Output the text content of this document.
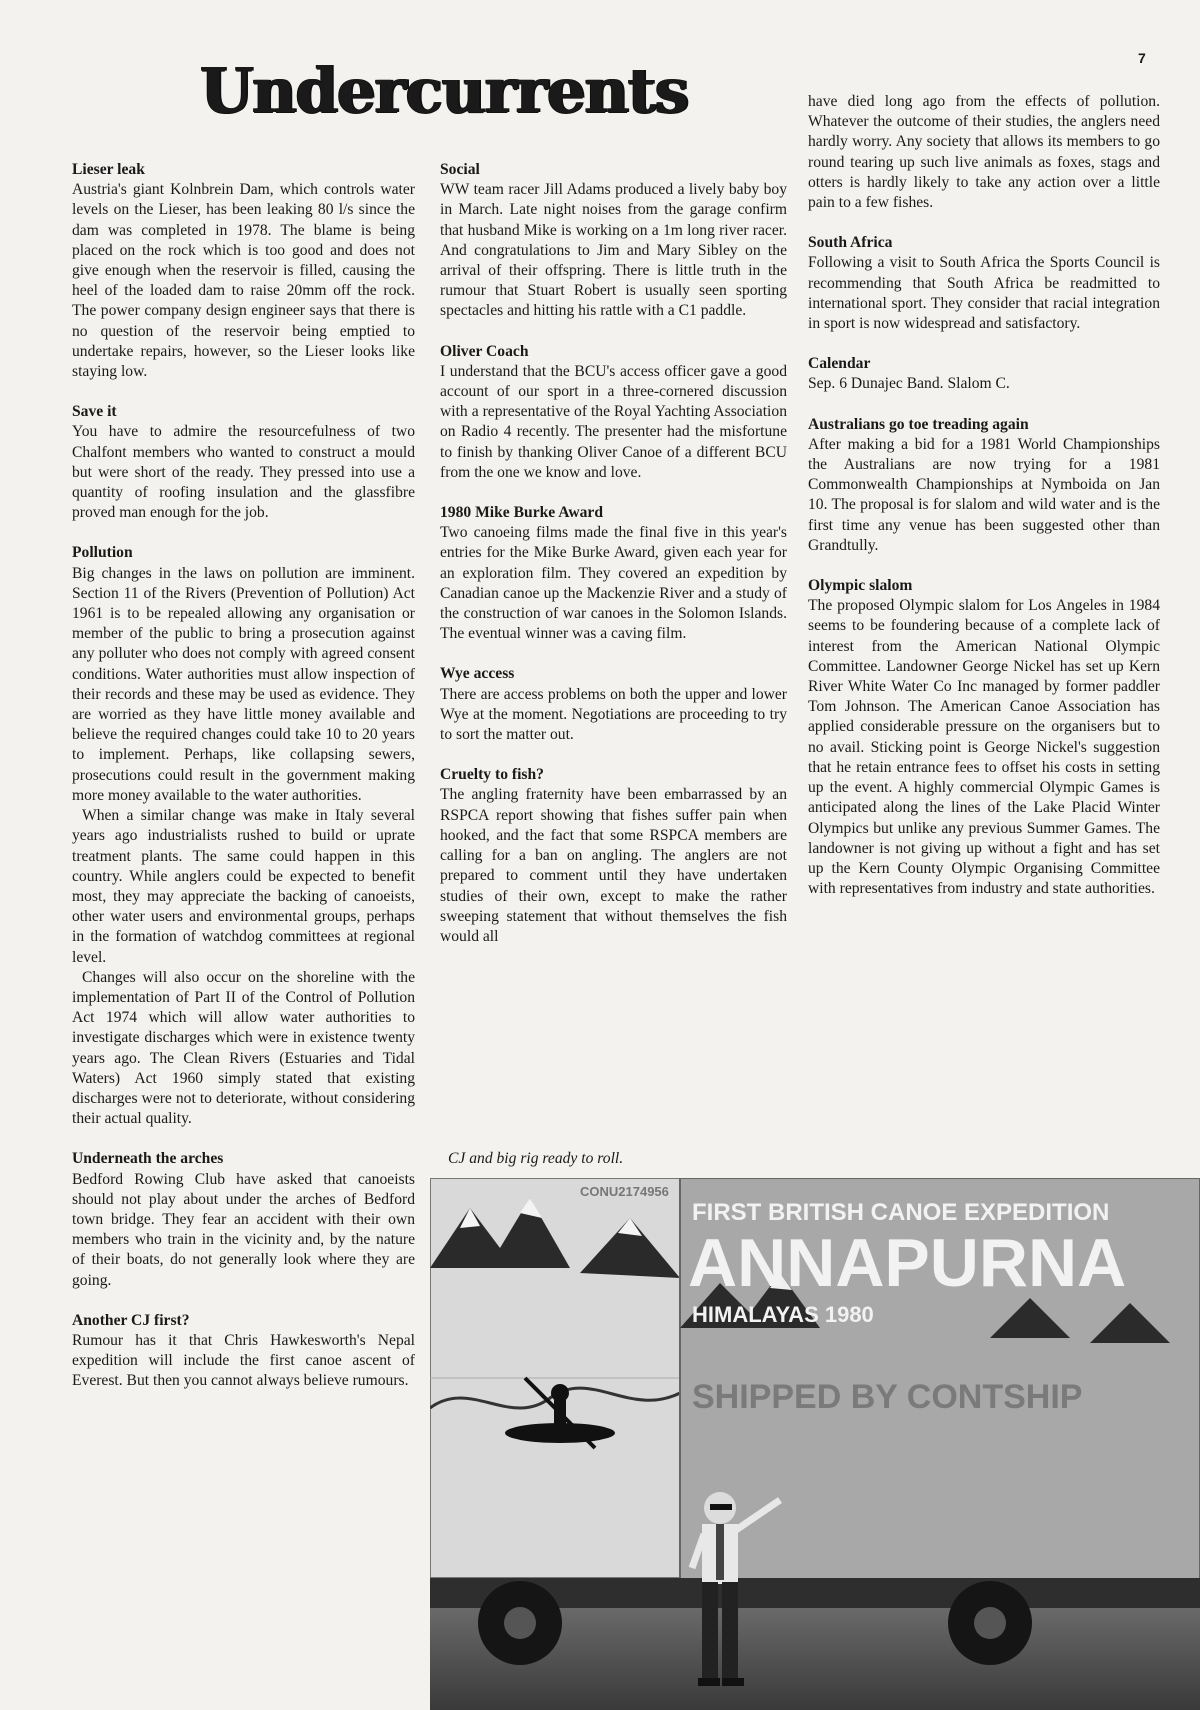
7
Undercurrents

Lieser leak

Austria's giant Kolnbrein Dam, which controls water levels on the Lieser, has been leaking 80 l/s since the dam was completed in 1978. The blame is being placed on the rock which is too good and does not give enough when the reservoir is filled, causing the heel of the loaded dam to raise 20mm off the rock. The power company design engineer says that there is no question of the reservoir being emptied to undertake repairs, however, so the Lieser looks like staying low.

Save it

You have to admire the resourcefulness of two Chalfont members who wanted to construct a mould but were short of the ready. They pressed into use a quantity of roofing insulation and the glassfibre proved man enough for the job.

Pollution

Big changes in the laws on pollution are imminent. Section 11 of the Rivers (Prevention of Pollution) Act 1961 is to be repealed allowing any organisation or member of the public to bring a prosecution against any polluter who does not comply with agreed consent conditions. Water authorities must allow inspection of their records and these may be used as evidence. They are worried as they have little money available and believe the required changes could take 10 to 20 years to implement. Perhaps, like collapsing sewers, prosecutions could result in the government making more money available to the water authorities.

When a similar change was make in Italy several years ago industrialists rushed to build or uprate treatment plants. The same could happen in this country. While anglers could be expected to benefit most, they may appreciate the backing of canoeists, other water users and environmental groups, perhaps in the formation of watchdog committees at regional level.

Changes will also occur on the shoreline with the implementation of Part II of the Control of Pollution Act 1974 which will allow water authorities to investigate discharges which were in existence twenty years ago. The Clean Rivers (Estuaries and Tidal Waters) Act 1960 simply stated that existing discharges were not to deteriorate, without considering their actual quality.

Underneath the arches

Bedford Rowing Club have asked that canoeists should not play about under the arches of Bedford town bridge. They fear an accident with their own members who train in the vicinity and, by the nature of their boats, do not generally look where they are going.

Another CJ first?

Rumour has it that Chris Hawkesworth's Nepal expedition will include the first canoe ascent of Everest. But then you cannot always believe rumours.

Social

WW team racer Jill Adams produced a lively baby boy in March. Late night noises from the garage confirm that husband Mike is working on a 1m long river racer. And congratulations to Jim and Mary Sibley on the arrival of their offspring. There is little truth in the rumour that Stuart Robert is usually seen sporting spectacles and hitting his rattle with a C1 paddle.

Oliver Coach

I understand that the BCU's access officer gave a good account of our sport in a three-cornered discussion with a representative of the Royal Yachting Association on Radio 4 recently. The presenter had the misfortune to finish by thanking Oliver Canoe of a different BCU from the one we know and love.

1980 Mike Burke Award

Two canoeing films made the final five in this year's entries for the Mike Burke Award, given each year for an exploration film. They covered an expedition by Canadian canoe up the Mackenzie River and a study of the construction of war canoes in the Solomon Islands. The eventual winner was a caving film.

Wye access

There are access problems on both the upper and lower Wye at the moment. Negotiations are proceeding to try to sort the matter out.

Cruelty to fish?

The angling fraternity have been embarrassed by an RSPCA report showing that fishes suffer pain when hooked, and the fact that some RSPCA members are calling for a ban on angling. The anglers are not prepared to comment until they have undertaken studies of their own, except to make the rather sweeping statement that without themselves the fish would all

have died long ago from the effects of pollution. Whatever the outcome of their studies, the anglers need hardly worry. Any society that allows its members to go round tearing up such live animals as foxes, stags and otters is hardly likely to take any action over a little pain to a few fishes.

South Africa

Following a visit to South Africa the Sports Council is recommending that South Africa be readmitted to international sport. They consider that racial integration in sport is now widespread and satisfactory.

Calendar

Sep. 6 Dunajec Band. Slalom C.

Australians go toe treading again

After making a bid for a 1981 World Championships the Australians are now trying for a 1981 Commonwealth Championships at Nymboida on Jan 10. The proposal is for slalom and wild water and is the first time any venue has been suggested other than Grandtully.

Olympic slalom

The proposed Olympic slalom for Los Angeles in 1984 seems to be foundering because of a complete lack of interest from the American National Olympic Committee. Landowner George Nickel has set up Kern River White Water Co Inc managed by former paddler Tom Johnson. The American Canoe Association has applied considerable pressure on the organisers but to no avail. Sticking point is George Nickel's suggestion that he retain entrance fees to offset his costs in setting up the event. A highly commercial Olympic Games is anticipated along the lines of the Lake Placid Winter Olympics but unlike any previous Summer Games. The landowner is not giving up without a fight and has set up the Kern County Olympic Organising Committee with representatives from industry and state authorities.

CJ and big rig ready to roll.
CONU2174956
FIRST BRITISH CANOE EXPEDITION
ANNAPURNA
HIMALAYAS 1980
SHIPPED BY CONTSHIP
